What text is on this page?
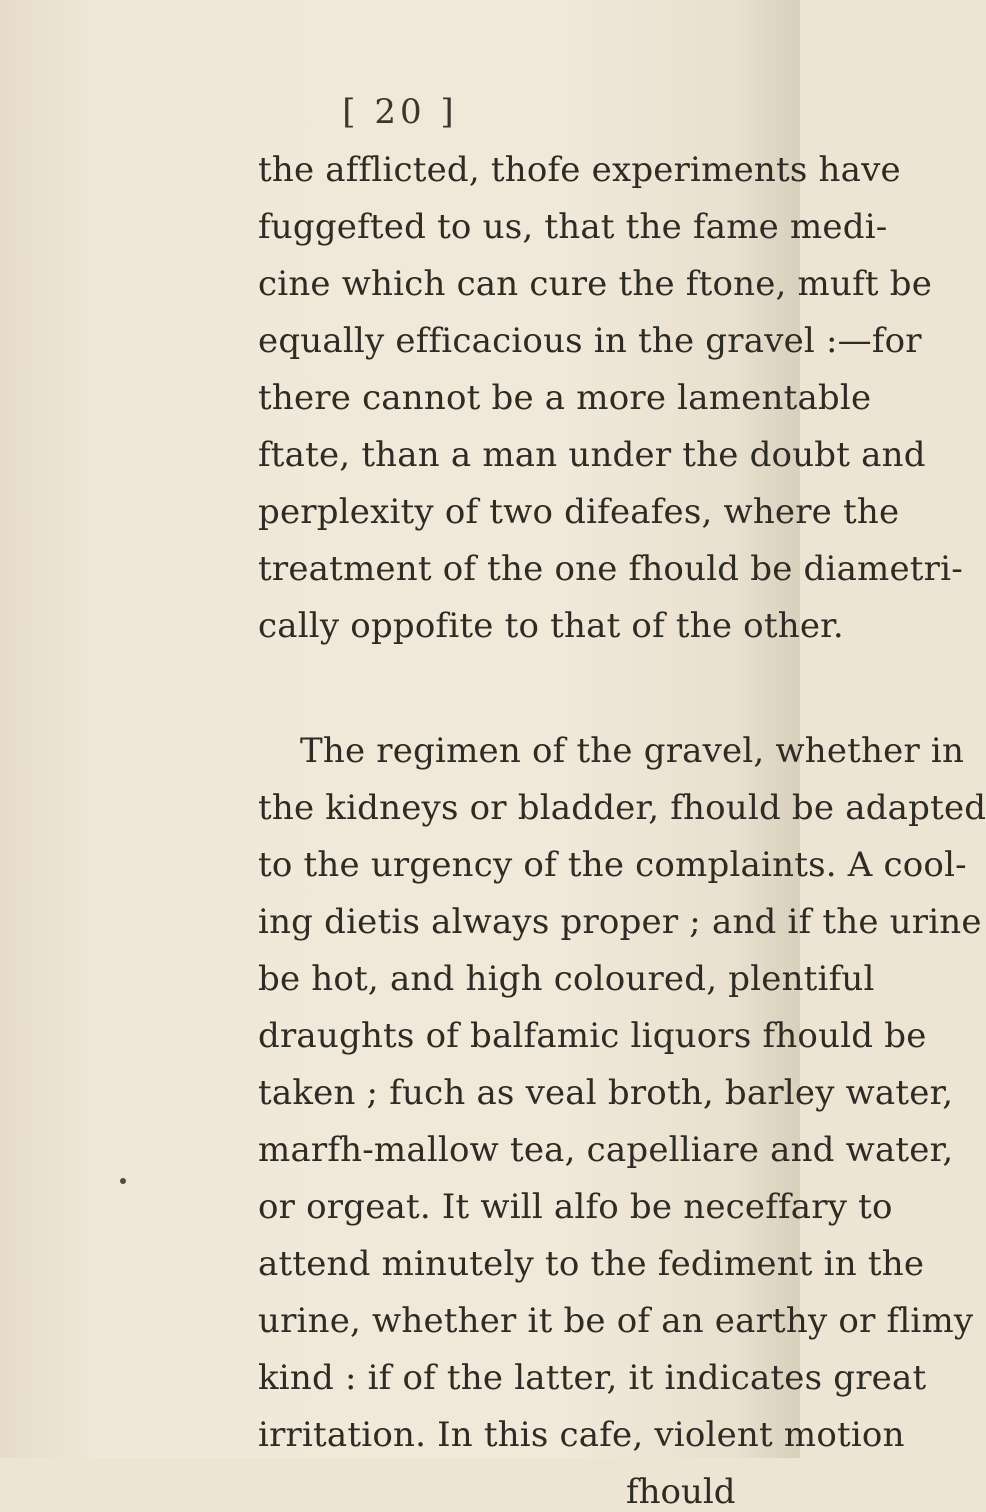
[ 20 ]
the afflicted, thofe experiments have
fuggefted to us, that the fame medi-
cine which can cure the ftone, muft be
equally efficacious in the gravel :—for
there cannot be a more lamentable
ftate, than a man under the doubt and
perplexity of two difeafes, where the
treatment of the one fhould be diametri-
cally oppofite to that of the other.
The regimen of the gravel, whether in
the kidneys or bladder, fhould be adapted
to the urgency of the complaints. A cool-
ing dietis always proper ; and if the urine
be hot, and high coloured, plentiful
draughts of balfamic liquors fhould be
taken ; fuch as veal broth, barley water,
marfh-mallow tea, capelliare and water,
or orgeat. It will alfo be neceffary to
attend minutely to the fediment in the
urine, whether it be of an earthy or flimy
kind : if of the latter, it indicates great
irritation. In this cafe, violent motion
fhould
